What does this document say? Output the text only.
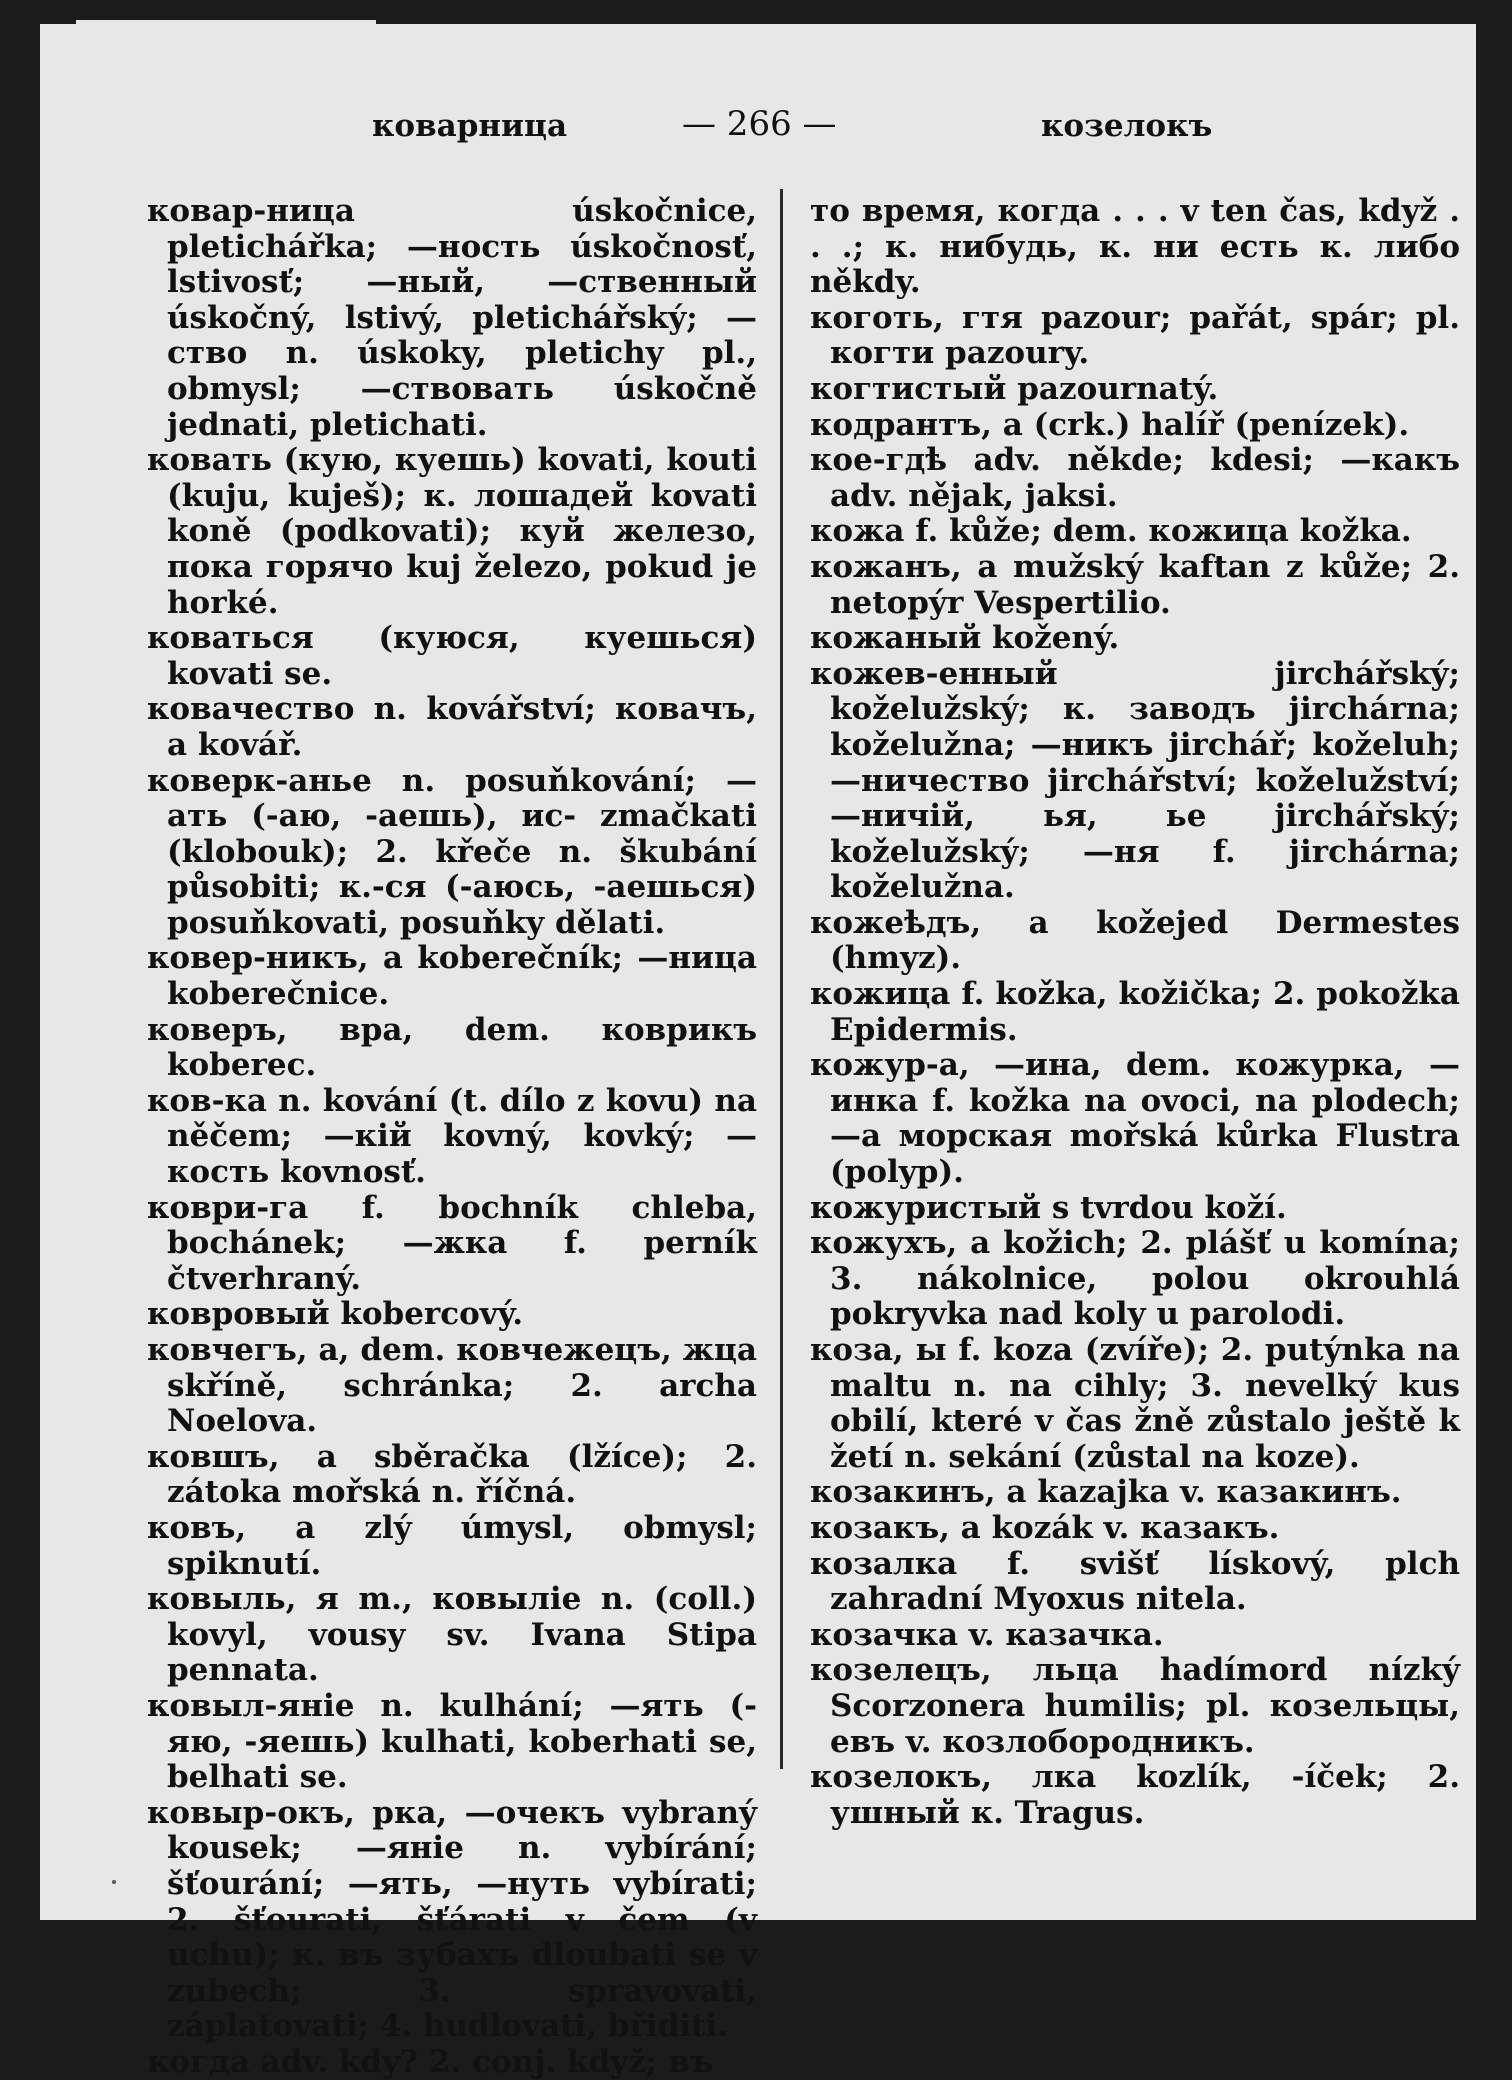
коварница	— 266 —	козелокъ

ковар-ница úskočnice, pletichářka; —ность úskočnosť, lstivosť; —ный, —ственный úskočný, lstivý, pletichářský; —ство n. úskoky, pletichy pl., obmysl; —ствовать úskočně jednati, pletichati.

ковать (кую, куешь) kovati, kouti (kuju, kuješ); к. лошадей kovati koně (podkovati); куй железо, пока горячо kuj železo, pokud je horké.

коваться (куюся, куешься) kovati se.

ковачество n. kovářství; ковачъ, а kovář.

коверк-анье n. posuňkování; —ать (-аю, -аешь), ис- zmačkati (klobouk); 2. křeče n. škubání působiti; к.-ся (-аюсь, -аешься) posuňkovati, posuňky dělati.

ковер-никъ, а koberečník; —ница koberečnice.

коверъ, вра, dem. коврикъ koberec.

ков-ка n. kování (t. dílo z kovu) na něčem; —кій kovný, kovký; —кость kovnosť.

коври-га f. bochník chleba, bochánek; —жка f. perník čtverhraný.

ковровый kobercový.

ковчегъ, а, dem. ковчежецъ, жца skříně, schránka; 2. archa Noelova.

ковшъ, а sběračka (lžíce); 2. zátoka mořská n. říčná.

ковъ, а zlý úmysl, obmysl; spiknutí.

ковыль, я m., ковылie n. (coll.) kovyl, vousy sv. Ivana Stipa pennata.

ковыл-янie n. kulhání; —ять (-яю, -яешь) kulhati, koberhati se, belhati se.

ковыр-окъ, рка, —очекъ vybraný kousek; —янie n. vybírání; šťourání; —ять, —нуть vybírati; 2. šťourati, šťárati v čem (v uchu); к. въ зубахъ dloubati se v zubech; 3. spravovati, záplatovati; 4. hudlovati, břiditi.

когда adv. kdy? 2. conj. když; въ

то время, когда . . . v ten čas, když . . .; к. нибудь, к. ни есть к. либо někdy.

коготь, гтя pazour; pařát, spár; pl. когти pazoury.

когтистый pazournatý.

кодрантъ, а (crk.) halíř (penízek).

кое-гдѣ adv. někde; kdesi; —какъ adv. nějak, jaksi.

кожа f. kůže; dem. кожица kožka.

кожанъ, а mužský kaftan z kůže; 2. netopýr Vespertilio.

кожаный kožený.

кожев-енный jirchářský; koželužský; к. заводъ jirchárna; koželužna; —никъ jirchář; koželuh; —ничество jirchářství; koželužství; —ничій, ья, ье jirchářský; koželužský; —ня f. jirchárna; koželužna.

кожеѣдъ, а kožejed Dermestes (hmyz).

кожица f. kožka, kožička; 2. pokožka Epidermis.

кожур-а, —ина, dem. кожурка, —инка f. kožka na ovoci, na plodech; —а морская mořská kůrka Flustra (polyp).

кожуристый s tvrdou koží.

кожухъ, а kožich; 2. plášť u komína; 3. nákolnice, polou okrouhlá pokryvka nad koly u parolodi.

коза, ы f. koza (zvíře); 2. putýnka na maltu n. na cihly; 3. nevelký kus obilí, které v čas žně zůstalo ještě k žetí n. sekání (zůstal na koze).

козакинъ, а kazajka v. казакинъ.

козакъ, а kozák v. казакъ.

козалка f. svišť lískový, plch zahradní Myoxus nitela.

козачка v. казачка.

козелецъ, льца hadímord nízký Scorzonera humilis; pl. козельцы, евъ v. козлобородникъ.

козелокъ, лка kozlík, -íček; 2. ушный к. Tragus.
